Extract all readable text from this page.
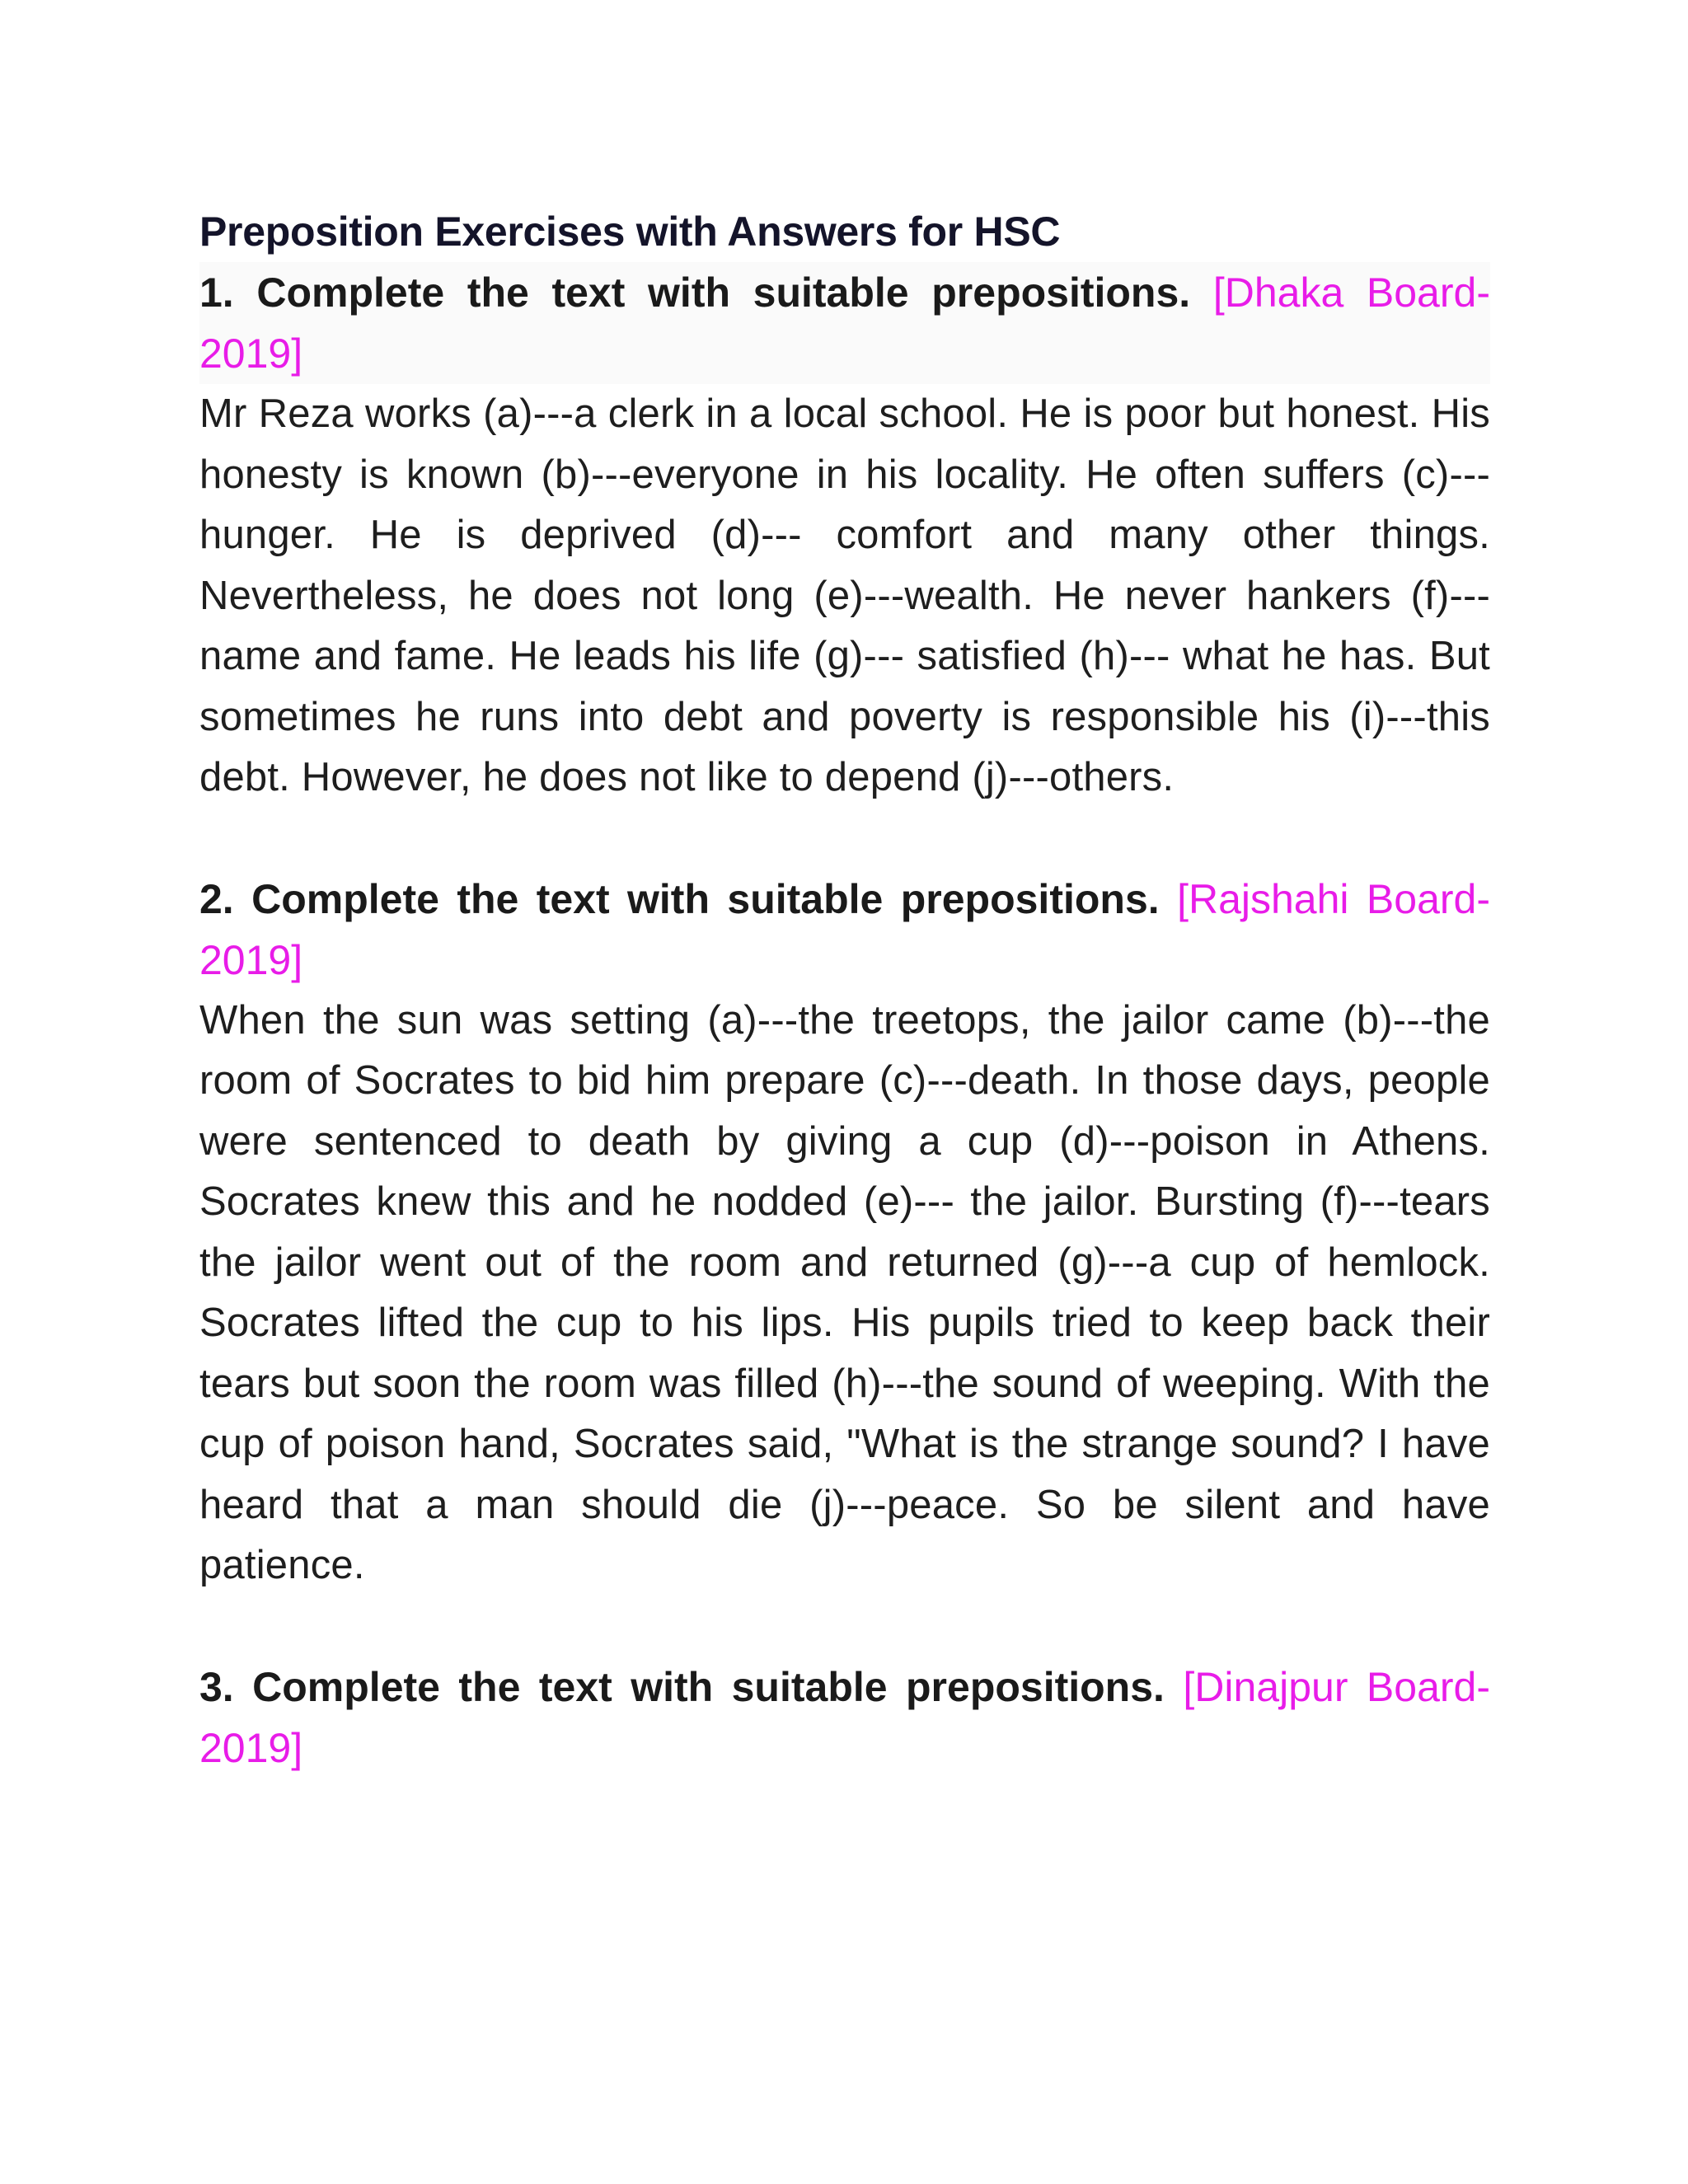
Preposition Exercises with Answers for HSC

1. Complete the text with suitable prepositions. [Dhaka Board-2019]

Mr Reza works (a)---a clerk in a local school. He is poor but honest. His honesty is known (b)---everyone in his locality. He often suffers (c)---hunger. He is deprived (d)--- comfort and many other things. Nevertheless, he does not long (e)---wealth. He never hankers (f)--- name and fame. He leads his life (g)--- satisfied (h)--- what he has. But sometimes he runs into debt and poverty is responsible his (i)---this debt. However, he does not like to depend (j)---others.

2. Complete the text with suitable prepositions. [Rajshahi Board-2019]

When the sun was setting (a)---the treetops, the jailor came (b)---the room of Socrates to bid him prepare (c)---death. In those days, people were sentenced to death by giving a cup (d)---poison in Athens. Socrates knew this and he nodded (e)--- the jailor. Bursting (f)---tears the jailor went out of the room and returned (g)---a cup of hemlock. Socrates lifted the cup to his lips. His pupils tried to keep back their tears but soon the room was filled (h)---the sound of weeping. With the cup of poison hand, Socrates said, "What is the strange sound? I have heard that a man should die (j)---peace. So be silent and have patience.

3. Complete the text with suitable prepositions. [Dinajpur Board-2019]
